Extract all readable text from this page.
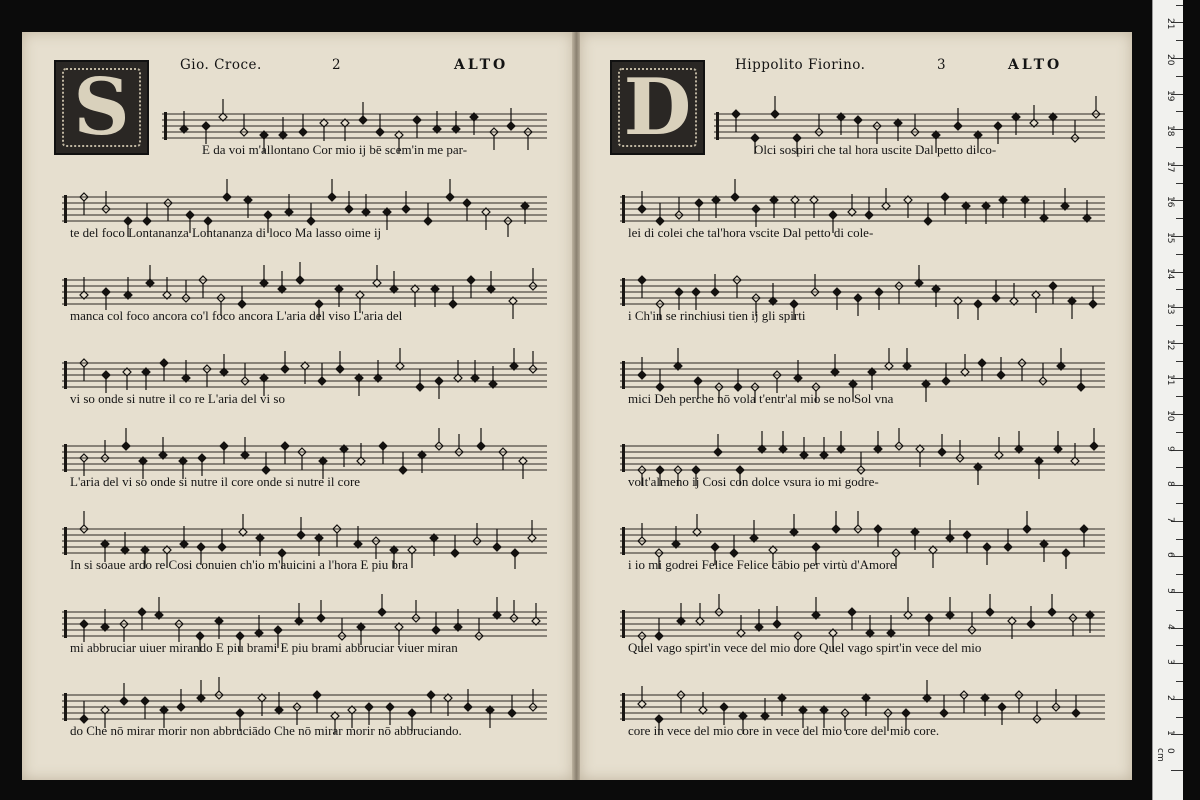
Gio. Croce.	2	ALTO
S	E da voi m'allontano Cor mio ij bē scem'in me par-
te del foco Lontananza Lontananza di loco Ma lasso oime ij
manca col foco ancora co'l foco ancora L'aria del viso L'aria del
vi so onde si nutre il co re L'aria del vi so
L'aria del vi so onde si nutre il core onde si nutre il core
In si soaue ardo re Cosi conuien ch'io m'auicini a l'hora E piu bra
mi abbruciar uiuer mirando E piu brami E piu brami abbruciar viuer miran
do Che nō mirar morir non abbruciādo Che nō mirar morir nō abbruciando.
Hippolito Fiorino.	3	ALTO
D	Olci sospiri che tal hora uscite Dal petto di co-
lei di colei che tal'hora vscite Dal petto di cole-
i Ch'in se rinchiusi tien ij gli spirti
mici Deh perche nō vola t'entr'al mio se no Sol vna
volt'almeno ij Cosi con dolce vsura io mi godre-
i io mi godrei Felice Felice cābio per virtù d'Amore
Quel vago spirt'in vece del mio core Quel vago spirt'in vece del mio
core in vece del mio core in vece del mio core del mio core.
0 cm
1
2
3
4
5
6
7
8
9
10
11
12
13
14
15
16
17
18
19
20
21
